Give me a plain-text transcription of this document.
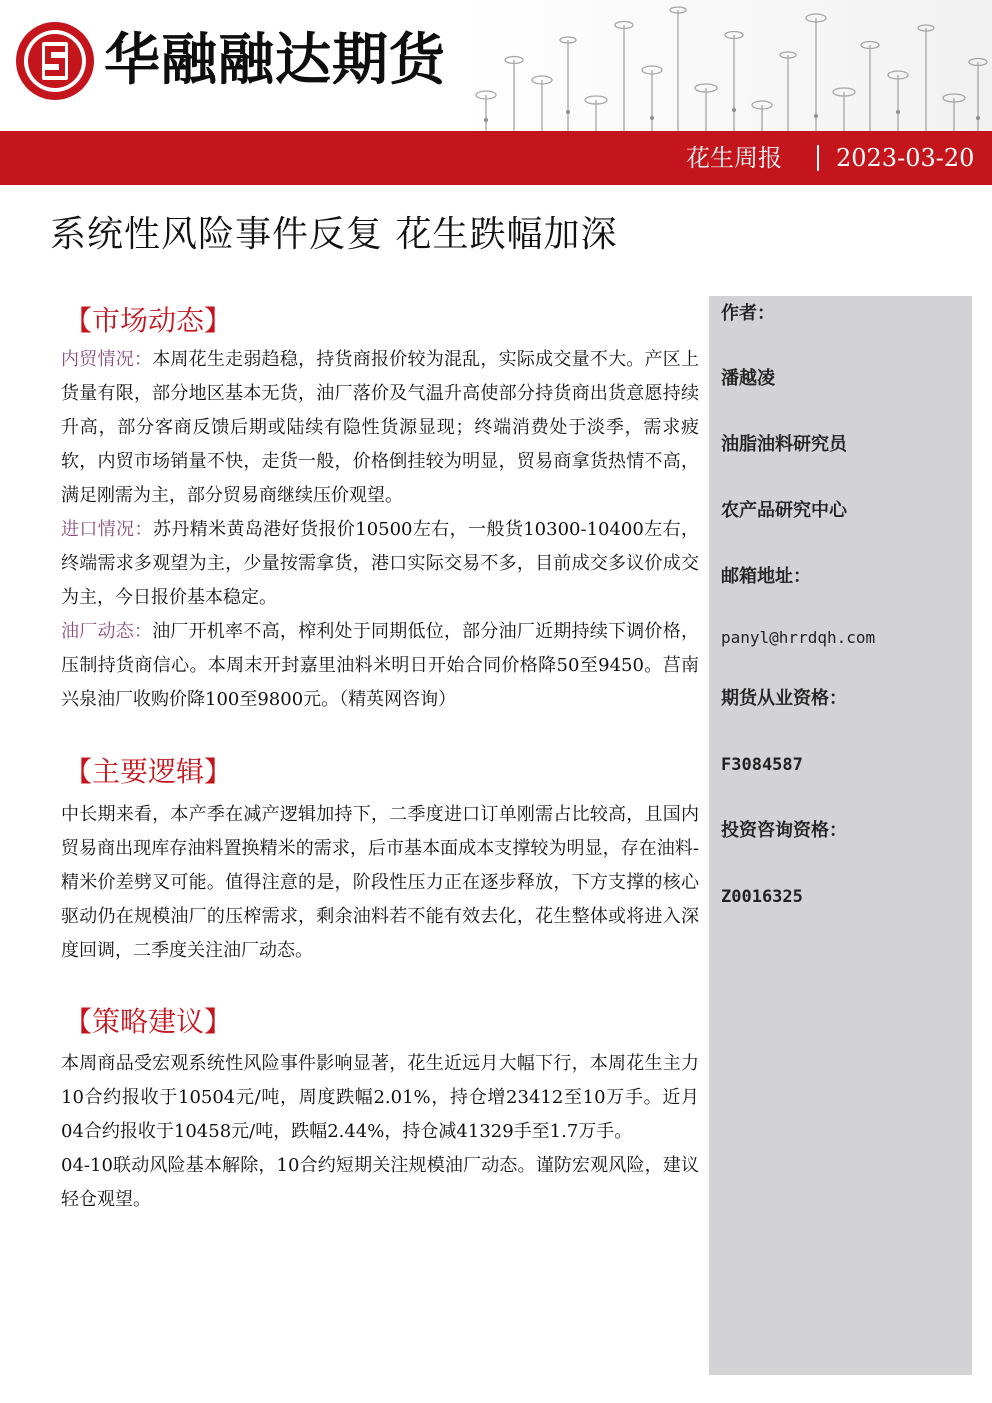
华融融达期货
花生周报 2023-03-20
系统性风险事件反复 花生跌幅加深
【市场动态】

内贸情况：本周花生走弱趋稳，持货商报价较为混乱，实际成交量不大。产区上货量有限，部分地区基本无货，油厂落价及气温升高使部分持货商出货意愿持续升高，部分客商反馈后期或陆续有隐性货源显现；终端消费处于淡季，需求疲软，内贸市场销量不快，走货一般，价格倒挂较为明显，贸易商拿货热情不高，满足刚需为主，部分贸易商继续压价观望。

进口情况：苏丹精米黄岛港好货报价10500左右，一般货10300-10400左右，终端需求多观望为主，少量按需拿货，港口实际交易不多，目前成交多议价成交为主，今日报价基本稳定。

油厂动态：油厂开机率不高，榨利处于同期低位，部分油厂近期持续下调价格，压制持货商信心。本周末开封嘉里油料米明日开始合同价格降50至9450。莒南兴泉油厂收购价降100至9800元。（精英网咨询）

【主要逻辑】

中长期来看，本产季在减产逻辑加持下，二季度进口订单刚需占比较高，且国内贸易商出现库存油料置换精米的需求，后市基本面成本支撑较为明显，存在油料-精米价差劈叉可能。值得注意的是，阶段性压力正在逐步释放，下方支撑的核心驱动仍在规模油厂的压榨需求，剩余油料若不能有效去化，花生整体或将进入深度回调，二季度关注油厂动态。

【策略建议】

本周商品受宏观系统性风险事件影响显著，花生近远月大幅下行，本周花生主力10合约报收于10504元/吨，周度跌幅2.01%，持仓增23412至10万手。近月04合约报收于10458元/吨，跌幅2.44%，持仓减41329手至1.7万手。

04-10联动风险基本解除，10合约短期关注规模油厂动态。谨防宏观风险，建议轻仓观望。

作者：
潘越凌
油脂油料研究员
农产品研究中心
邮箱地址：
panyl@hrrdqh.com
期货从业资格：
F3084587
投资咨询资格：
Z0016325
